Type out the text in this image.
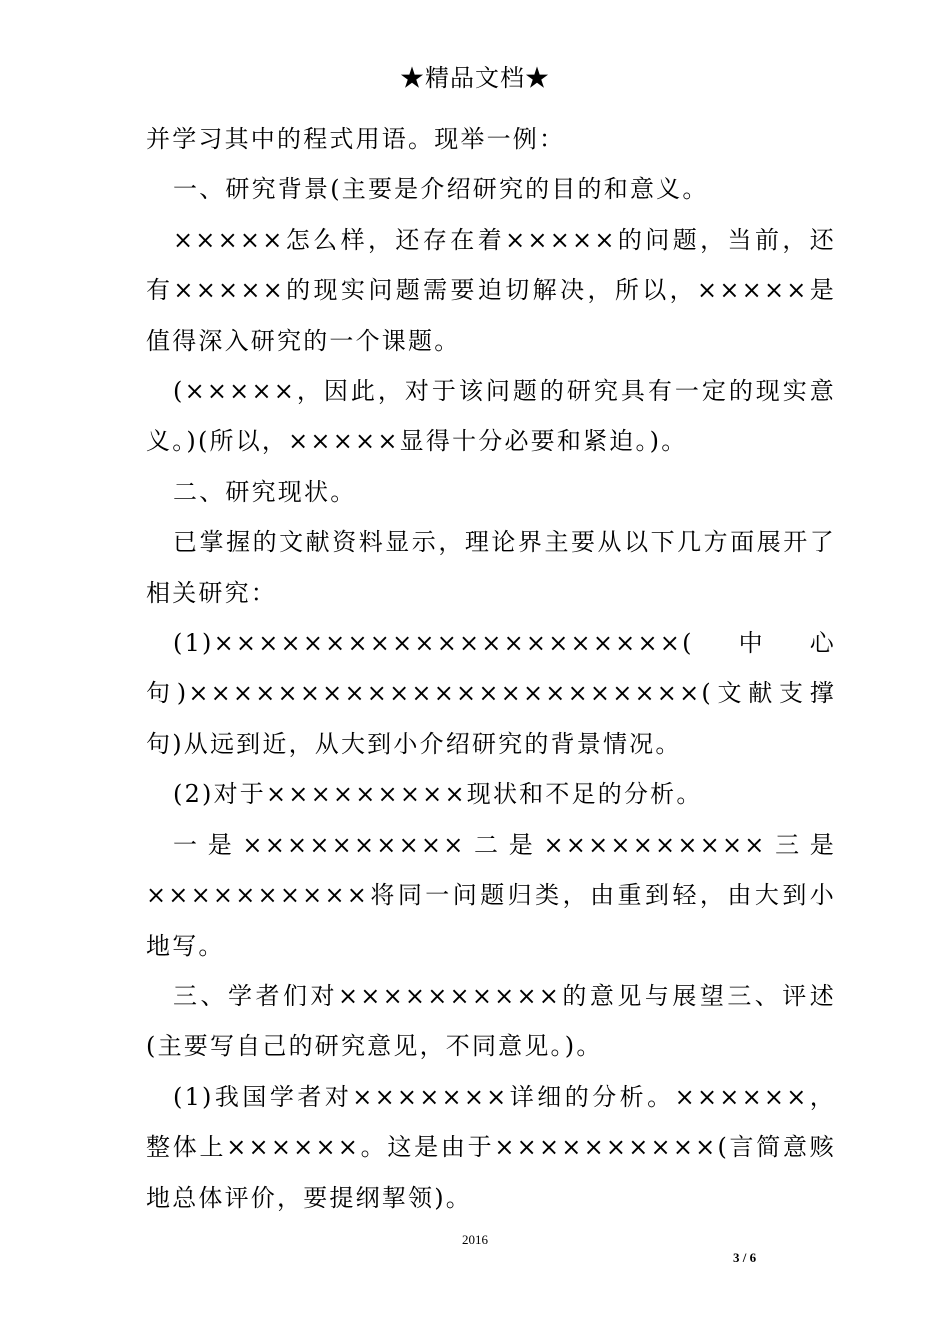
★精品文档★

并学习其中的程式用语。现举一例：

一、研究背景(主要是介绍研究的目的和意义。

×××××怎么样，还存在着×××××的问题，当前，还有×××××的现实问题需要迫切解决，所以，×××××是值得深入研究的一个课题。

(×××××，因此，对于该问题的研究具有一定的现实意义。)(所以，×××××显得十分必要和紧迫。)。

二、研究现状。

已掌握的文献资料显示，理论界主要从以下几方面展开了相关研究：

(1)×××××××××××××××××××××(中心句)×××××××××××××××××××××××(文献支撑句)从远到近，从大到小介绍研究的背景情况。

(2)对于×××××××××现状和不足的分析。

一是××××××××××二是××××××××××三是××××××××××将同一问题归类，由重到轻，由大到小地写。

三、学者们对××××××××××的意见与展望三、评述(主要写自己的研究意见，不同意见。)。

(1)我国学者对×××××××详细的分析。××××××，整体上××××××。这是由于××××××××××(言简意赅地总体评价，要提纲挈领)。

2016
3 / 6
